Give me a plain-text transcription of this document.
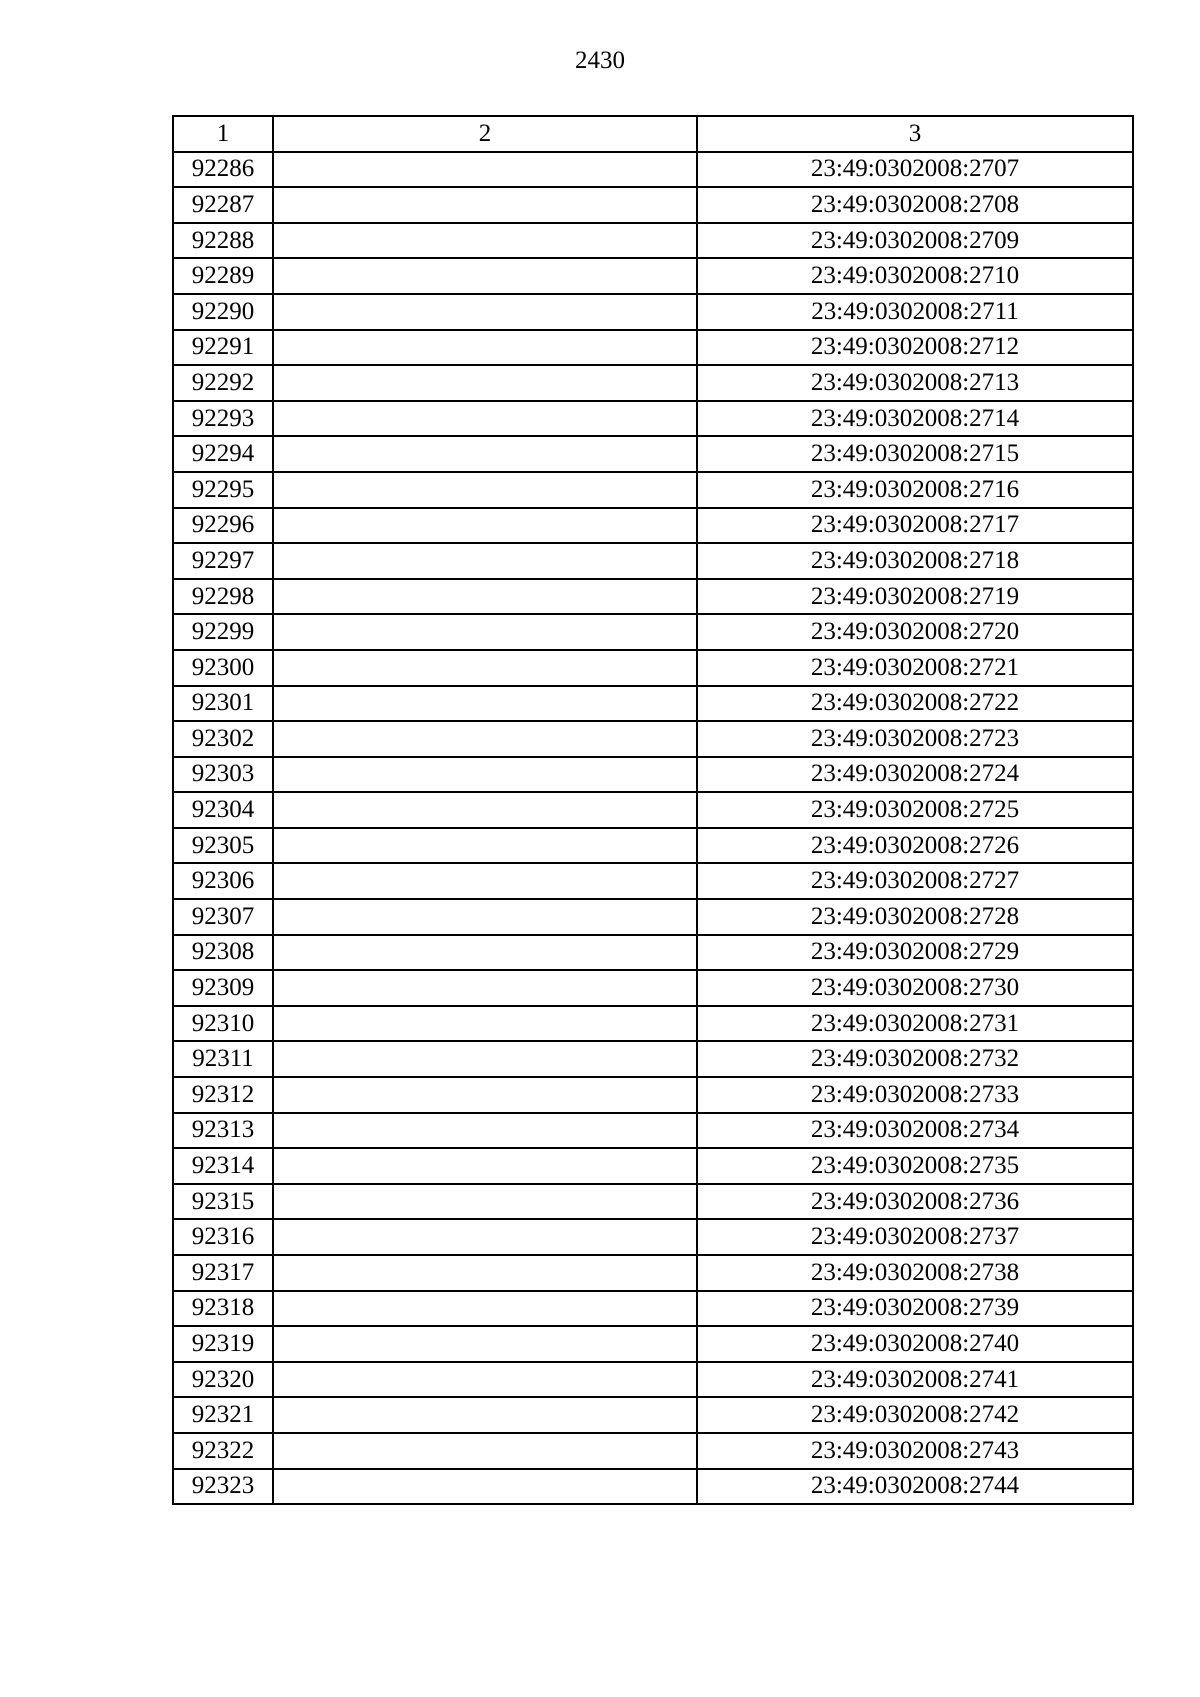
2430
1	2	3
92286		23:49:0302008:2707
92287		23:49:0302008:2708
92288		23:49:0302008:2709
92289		23:49:0302008:2710
92290		23:49:0302008:2711
92291		23:49:0302008:2712
92292		23:49:0302008:2713
92293		23:49:0302008:2714
92294		23:49:0302008:2715
92295		23:49:0302008:2716
92296		23:49:0302008:2717
92297		23:49:0302008:2718
92298		23:49:0302008:2719
92299		23:49:0302008:2720
92300		23:49:0302008:2721
92301		23:49:0302008:2722
92302		23:49:0302008:2723
92303		23:49:0302008:2724
92304		23:49:0302008:2725
92305		23:49:0302008:2726
92306		23:49:0302008:2727
92307		23:49:0302008:2728
92308		23:49:0302008:2729
92309		23:49:0302008:2730
92310		23:49:0302008:2731
92311		23:49:0302008:2732
92312		23:49:0302008:2733
92313		23:49:0302008:2734
92314		23:49:0302008:2735
92315		23:49:0302008:2736
92316		23:49:0302008:2737
92317		23:49:0302008:2738
92318		23:49:0302008:2739
92319		23:49:0302008:2740
92320		23:49:0302008:2741
92321		23:49:0302008:2742
92322		23:49:0302008:2743
92323		23:49:0302008:2744
